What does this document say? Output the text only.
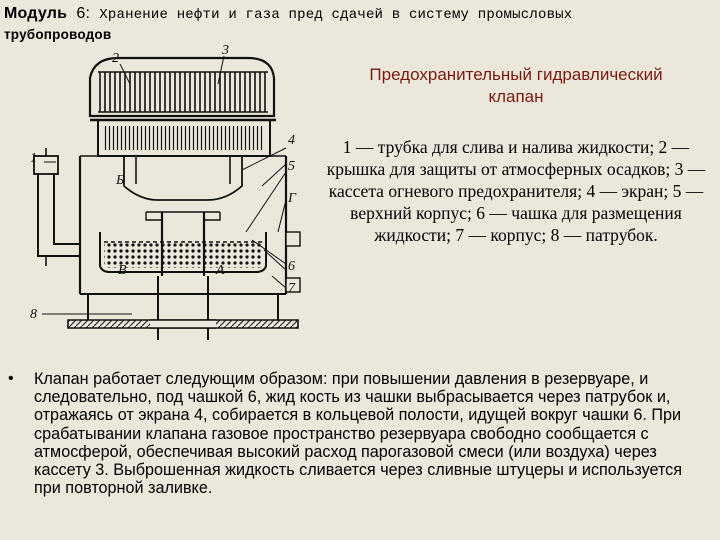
Модуль 6: Хранение нефти и газа пред сдачей в систему промысловых
трубопроводов
1
2
3
4
5
Г
6
7
8
Б
В	А
Предохранительный гидравлический
клапан
1 — трубка для слива и налива жидкости; 2 — крышка для защиты от атмосферных осадков; 3 — кассета огневого предохранителя; 4 — экран; 5 — верхний корпус; 6 — чашка для размещения жидкости; 7 — корпус; 8 — патрубок.
• Клапан работает следующим образом: при повышении давления в резервуаре, и следовательно, под чашкой 6, жид кость из чашки выбрасывается через патрубок и, отражаясь от экрана 4, собирается в кольцевой полости, идущей вокруг чашки 6. При срабатывании клапана газовое пространство резервуара свободно сообщается с атмосферой, обеспечивая высокий расход парогазовой смеси (или воздуха) через кассету 3. Выброшенная жидкость сливается через сливные штуцеры и используется при повторной заливке.
